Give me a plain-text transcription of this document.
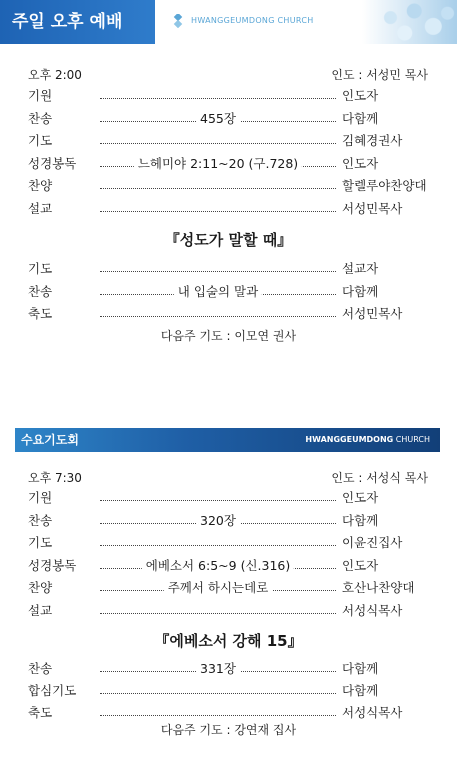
주일 오후 예배	HWANGGEUMDONG CHURCH
오후 2:00	인도 : 서성민 목사
기원	인도자
찬송	455장	다함께
기도	김혜경권사
성경봉독	느헤미야 2:11~20 (구.728)	인도자
찬양	할렐루야찬양대
설교	서성민목사
『성도가 말할 때』
기도	설교자
찬송	내 입술의 말과	다함께
축도	서성민목사
다음주 기도 : 이모연 권사
수요기도회	HWANGGEUMDONG CHURCH
오후 7:30	인도 : 서성식 목사
기원	인도자
찬송	320장	다함께
기도	이윤진집사
성경봉독	에베소서 6:5~9 (신.316)	인도자
찬양	주께서 하시는데로	호산나찬양대
설교	서성식목사
『에베소서 강해 15』
찬송	331장	다함께
합심기도	다함께
축도	서성식목사
다음주 기도 : 강연재 집사
